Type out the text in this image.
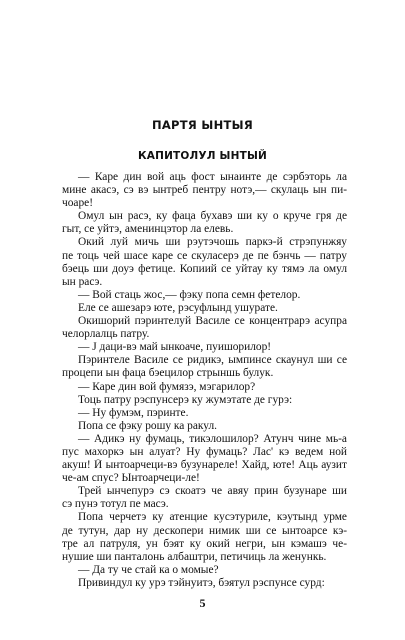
ПАРТЯ ЫНТЫЯ
КАПИТОЛУЛ ЫНТЫЙ
— Каре дин вой аць фост ынаинте де сэрбэторь ла
мине акасэ, сэ вэ ынтреб пентру нотэ,— скулаць ын пи-
чоаре!
Омул ын расэ, ку фаца бухавэ ши ку о круче гря де
гыт, се уйтэ, аменинцэтор ла елевь.
Окий луй мичь ши рэутэчошь паркэ-й стрэпунжяу
пе тоць чей шасе каре се скуласерэ де пе бэнчь — патру
бэець ши доуэ фетице. Копиий се уйтау ку тямэ ла омул
ын расэ.
— Вой стаць жос,— фэку попа семн фетелор.
Еле се ашезарэ юте, рэсуфлынд ушурате.
Окишорий пэринтелуй Василе се концентрарэ асупра
челорлалць патру.
— Ј даци-вэ май ынкоаче, пуишорилор!
Пэринтеле Василе се ридикэ, ымпинсе скаунул ши се
процепи ын фаца бэецилор стрыншь булук.
— Каре дин вой фумязэ, мэгарилор?
Тоць патру рэспунсерэ ку жумэтате де гурэ:
— Ну фумэм, пэринте.
Попа се фэку рошу ка ракул.
— Адикэ ну фумаць, тикэлошилор? Атунч чине мь-а
пус махоркэ ын алуат? Ну фумаць? Лас' кэ ведем ной
акуш! Й ынтоарчеци-вэ бузунареле! Хайд, юте! Аць аузит
че-ам спус? Ынтоарчеци-ле!
Трей ынчепурэ сэ скоатэ че авяу прин бузунаре ши
сэ пунэ тотул пе масэ.
Попа черчетэ ку атенцие кусэтуриле, кэутынд урме
де тутун, дар ну дескопери нимик ши се ынтоарсе кэ-
тре ал патруля, ун бэят ку окий негри, ын кэмашэ че-
нушие ши панталонь албаштри, петичиць ла женункь.
— Да ту че стай ка о момые?
Привиндул ку урэ тэйнуитэ, бэятул рэспунсе сурд:
5
